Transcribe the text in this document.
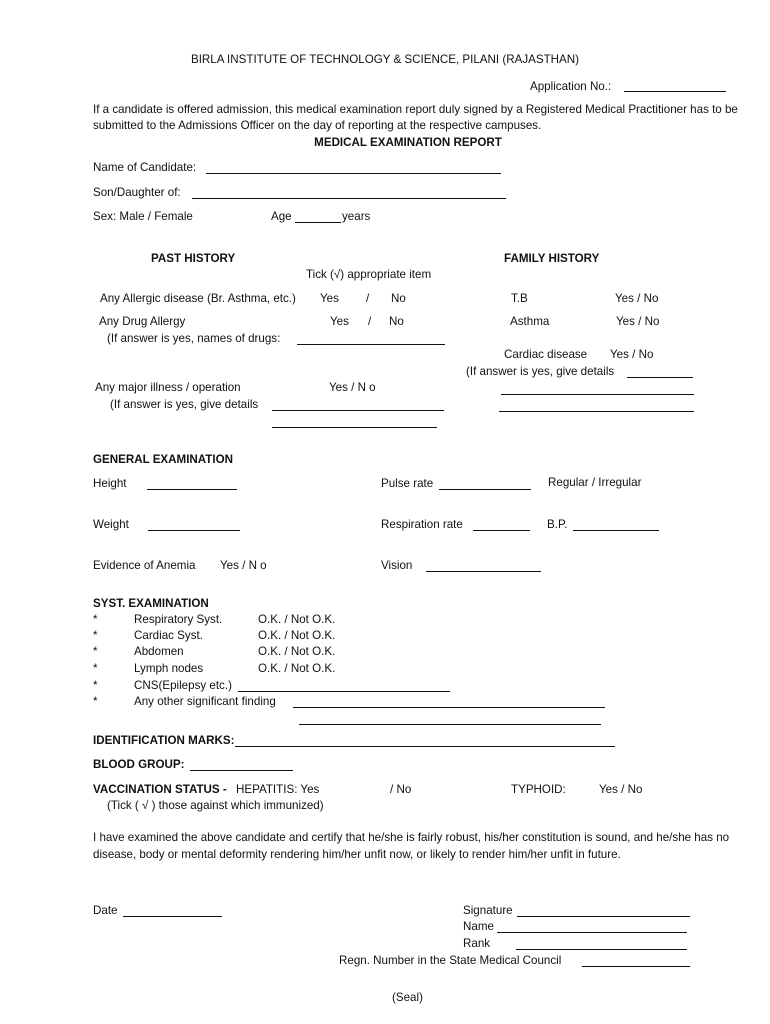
BIRLA INSTITUTE OF TECHNOLOGY & SCIENCE, PILANI (RAJASTHAN)
Application No.:
If a candidate is offered admission, this medical examination report duly signed by a Registered Medical Practitioner has to be submitted to the Admissions Officer on the day of reporting at the respective campuses.
MEDICAL EXAMINATION REPORT
Name of Candidate:
Son/Daughter of:
Sex: Male / Female	Age	years
PAST HISTORY	FAMILY HISTORY
Tick (√) appropriate item
Any Allergic disease (Br. Asthma, etc.) Yes / No
Any Drug Allergy	Yes / No
(If answer is yes, names of drugs:
Any major illness / operation	Yes / N o
(If answer is yes, give details
T.B	Yes / No
Asthma	Yes / No
Cardiac disease Yes / No
(If answer is yes, give details
GENERAL EXAMINATION
Height	Pulse rate	Regular / Irregular
Weight	Respiration rate	B.P.
Evidence of Anemia Yes / N o	Vision
SYST. EXAMINATION
*	Respiratory Syst.	O.K. / Not O.K.
*	Cardiac Syst.	O.K. / Not O.K.
*	Abdomen	O.K. / Not O.K.
*	Lymph nodes	O.K. / Not O.K.
*	CNS(Epilepsy etc.)
*	Any other significant finding
IDENTIFICATION MARKS:
BLOOD GROUP:
VACCINATION STATUS - HEPATITIS: Yes	/ No	TYPHOID:	Yes / No
(Tick ( √ ) those against which immunized)
I have examined the above candidate and certify that he/she is fairly robust, his/her constitution is sound, and he/she has no disease, body or mental deformity rendering him/her unfit now, or likely to render him/her unfit in future.
Date	Signature
Name
Rank
Regn. Number in the State Medical Council
(Seal)
